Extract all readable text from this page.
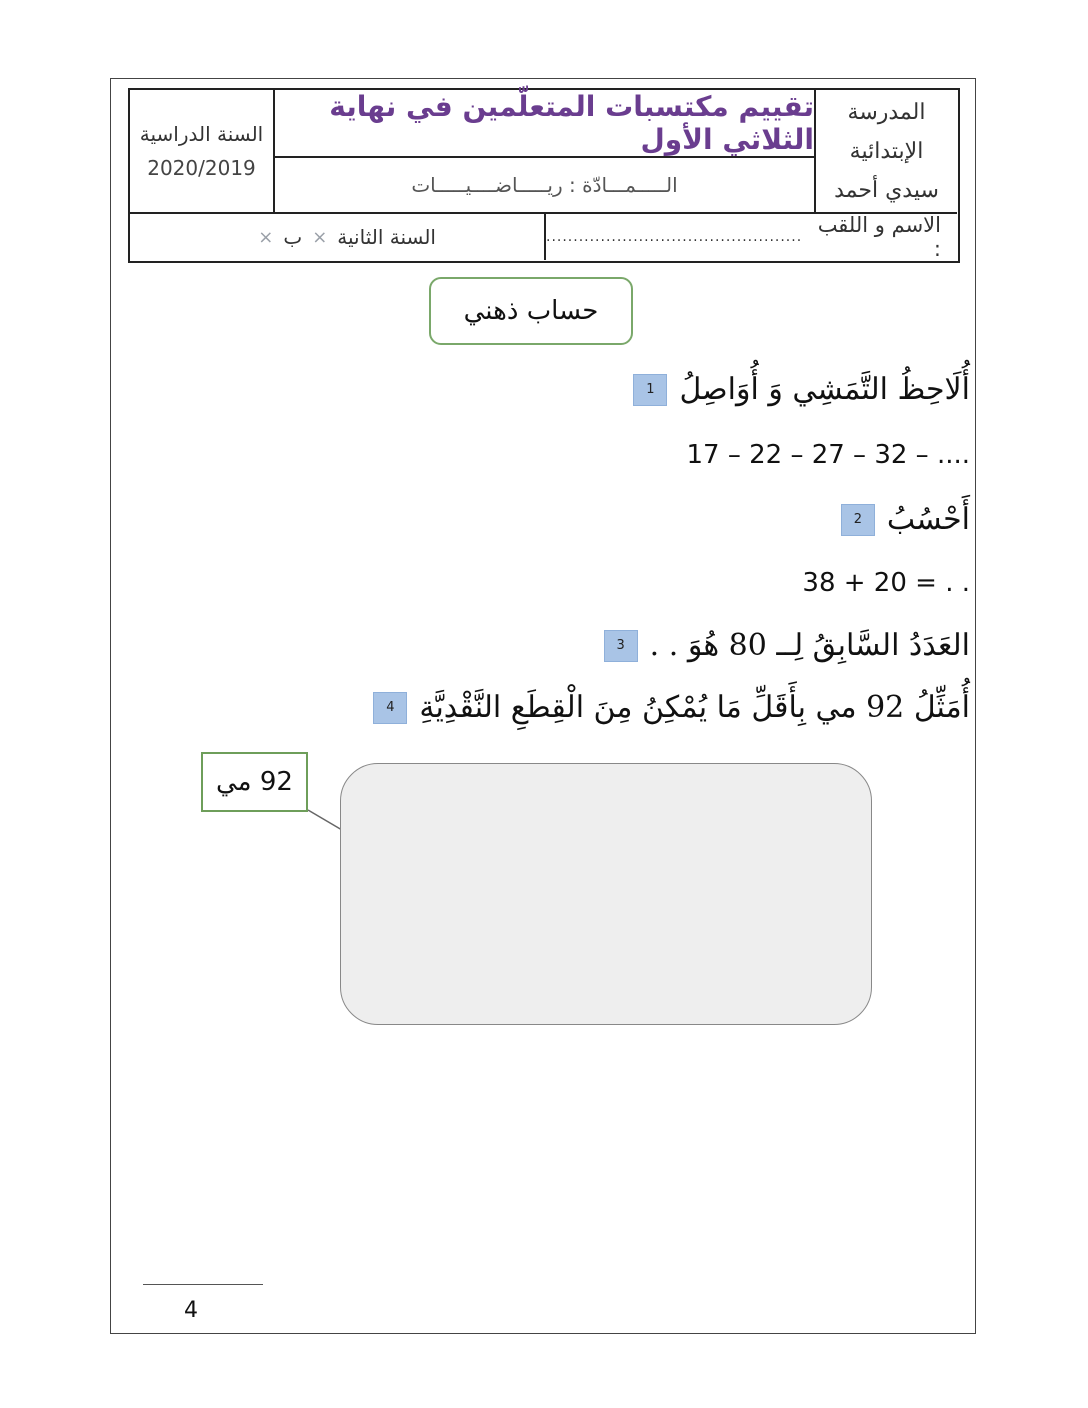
المدرسة
الإبتدائية
سيدي أحمد
تقييم مكتسبات المتعلّمين في نهاية الثلاثي الأول
الـــــمـــادّة : ريـــــاضــــيـــــات
السنة الدراسية
2020/2019
الاسم و اللقب :
...............................................
السنة الثانية
×
ب
×
حساب ذهني
1 أُلَاحِظُ التَّمَشِي وَ أُوَاصِلُ
17 – 22 – 27 – 32 – ....
2 أَحْسُبُ
38 + 20 = . .
3 العَدَدُ السَّابِقُ لِــ 80 هُوَ . .
4 أُمَثِّلُ 92 مي بِأَقَلِّ مَا يُمْكِنُ مِنَ الْقِطَعِ النَّقْدِيَّةِ
92 مي
4
